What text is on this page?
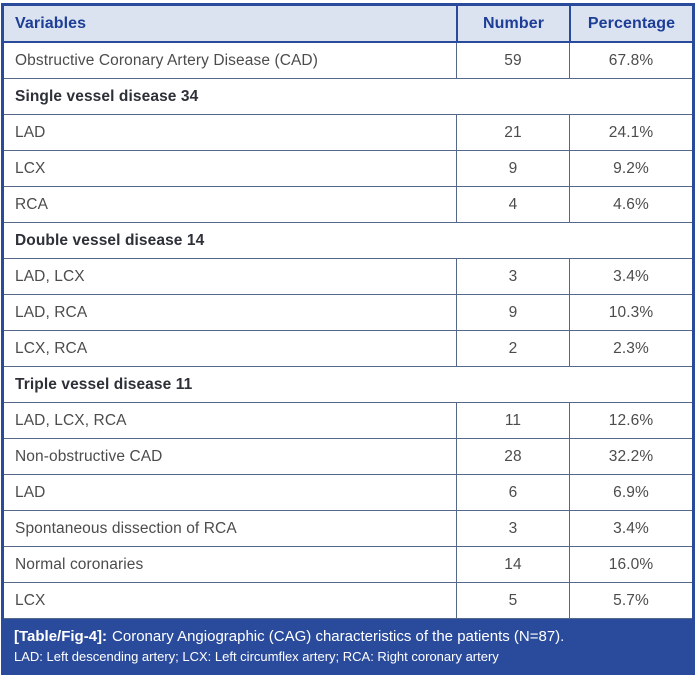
Variables	Number	Percentage
Obstructive Coronary Artery Disease (CAD)	59	67.8%
Single vessel disease 34
LAD	21	24.1%
LCX	9	9.2%
RCA	4	4.6%
Double vessel disease 14
LAD, LCX	3	3.4%
LAD, RCA	9	10.3%
LCX, RCA	2	2.3%
Triple vessel disease 11
LAD, LCX, RCA	11	12.6%
Non-obstructive CAD	28	32.2%
LAD	6	6.9%
Spontaneous dissection of RCA	3	3.4%
Normal coronaries	14	16.0%
LCX	5	5.7%
[Table/Fig-4]: Coronary Angiographic (CAG) characteristics of the patients (N=87).
LAD: Left descending artery; LCX: Left circumflex artery; RCA: Right coronary artery
